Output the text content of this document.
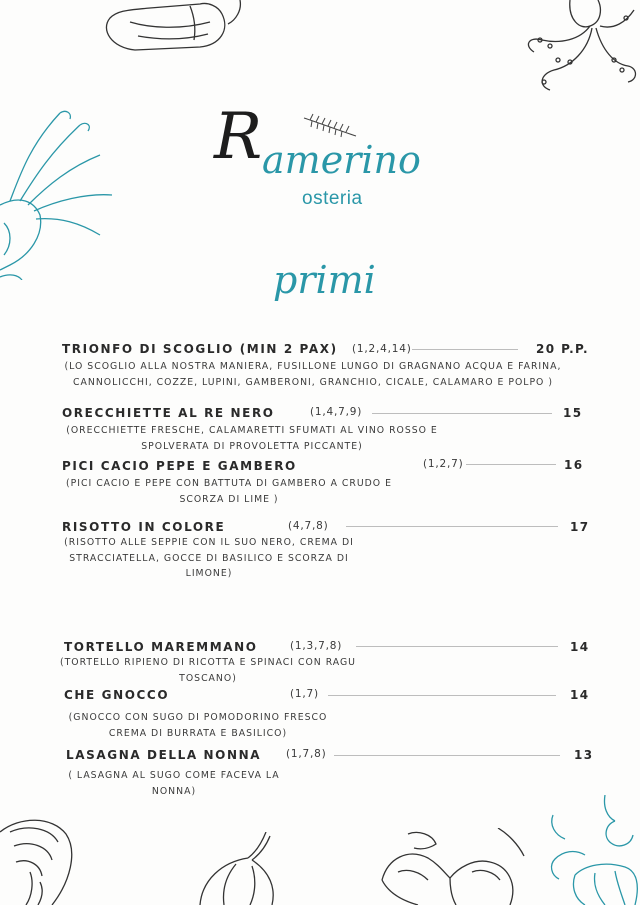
R amerino
osteria
primi
TRIONFO DI SCOGLIO (MIN 2 PAX) (1,2,4,14)	20 P.P.
(LO SCOGLIO ALLA NOSTRA MANIERA, FUSILLONE LUNGO DI GRAGNANO ACQUA E FARINA, CANNOLICCHI, COZZE, LUPINI, GAMBERONI, GRANCHIO, CICALE, CALAMARO E POLPO )
ORECCHIETTE AL RE NERO	(1,4,7,9)	15
(ORECCHIETTE FRESCHE, CALAMARETTI SFUMATI AL VINO ROSSO E SPOLVERATA DI PROVOLETTA PICCANTE)
PICI CACIO PEPE E GAMBERO	(1,2,7)	16
(PICI CACIO E PEPE CON BATTUTA DI GAMBERO A CRUDO E SCORZA DI LIME )
RISOTTO IN COLORE	(4,7,8)	17
(RISOTTO ALLE SEPPIE CON IL SUO NERO, CREMA DI STRACCIATELLA, GOCCE DI BASILICO E SCORZA DI LIMONE)
TORTELLO MAREMMANO	(1,3,7,8)	14
(TORTELLO RIPIENO DI RICOTTA E SPINACI CON RAGU TOSCANO)
CHE GNOCCO	(1,7)	14
(GNOCCO CON SUGO DI POMODORINO FRESCO CREMA DI BURRATA E BASILICO)
LASAGNA DELLA NONNA (1,7,8)	13
( LASAGNA AL SUGO COME FACEVA LA NONNA)
